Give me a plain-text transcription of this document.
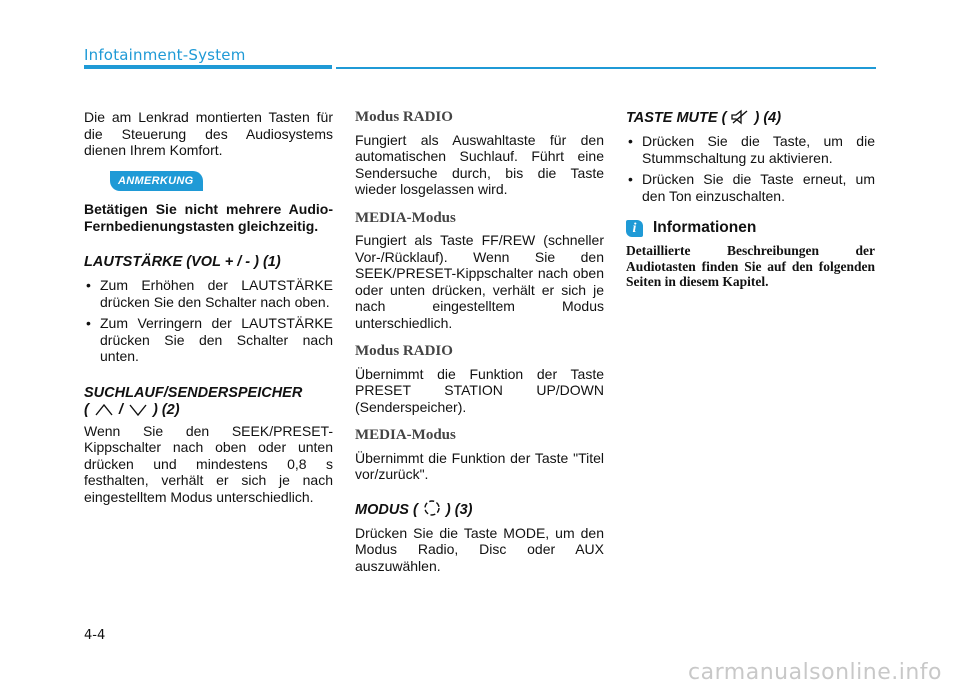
Infotainment-System

Die am Lenkrad montierten Tasten für die Steuerung des Audiosystems dienen Ihrem Komfort.

ANMERKUNG

Betätigen Sie nicht mehrere Audio- Fernbedienungstasten gleichzeitig.

LAUTSTÄRKE (VOL + / - ) (1)
• Zum Erhöhen der LAUTSTÄRKE drücken Sie den Schalter nach oben.
• Zum Verringern der LAUTSTÄRKE drücken Sie den Schalter nach unten.
SUCHLAUF/SENDERSPEICHER
( / ) (2)

Wenn Sie den SEEK/PRESET-Kippschalter nach oben oder unten drücken und mindestens 0,8 s festhalten, verhält er sich je nach eingestelltem Modus unterschiedlich.

Modus RADIO

Fungiert als Auswahltaste für den automatischen Suchlauf. Führt eine Sendersuche durch, bis die Taste wieder losgelassen wird.

MEDIA-Modus

Fungiert als Taste FF/REW (schneller Vor-/Rücklauf). Wenn Sie den SEEK/PRESET-Kippschalter nach oben oder unten drücken, verhält er sich je nach eingestelltem Modus unterschiedlich.

Modus RADIO

Übernimmt die Funktion der Taste PRESET STATION UP/DOWN (Senderspeicher).

MEDIA-Modus

Übernimmt die Funktion der Taste "Titel vor/zurück".

MODUS ( ) (3)

Drücken Sie die Taste MODE, um den Modus Radio, Disc oder AUX auszuwählen.

TASTE MUTE ( ) (4)
• Drücken Sie die Taste, um die Stummschaltung zu aktivieren.
• Drücken Sie die Taste erneut, um den Ton einzuschalten.
i	Informationen
Detaillierte Beschreibungen der Audiotasten finden Sie auf den folgenden Seiten in diesem Kapitel.
4-4
carmanualsonline.info
